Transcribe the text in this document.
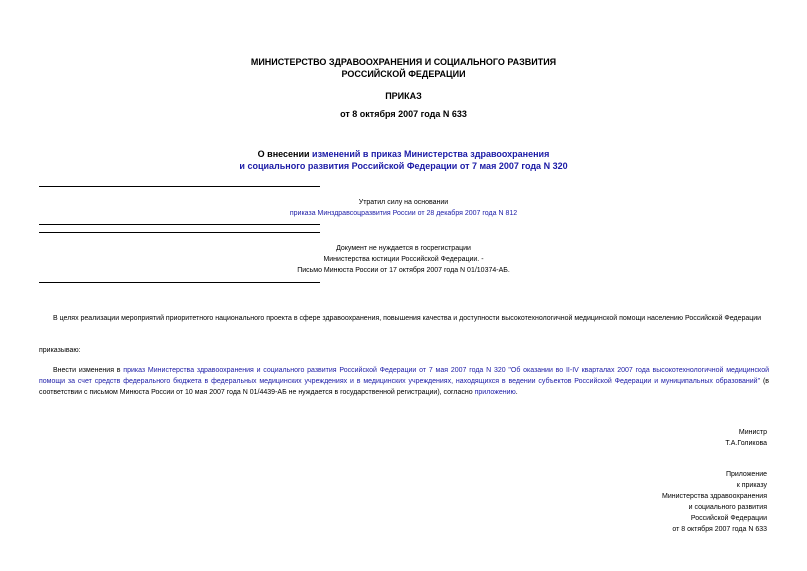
МИНИСТЕРСТВО ЗДРАВООХРАНЕНИЯ И СОЦИАЛЬНОГО РАЗВИТИЯ
РОССИЙСКОЙ ФЕДЕРАЦИИ
ПРИКАЗ
от 8 октября 2007 года N 633
О внесении изменений в приказ Министерства здравоохранения
и социального развития Российской Федерации от 7 мая 2007 года N 320
Утратил силу на основании
приказа Минздравсоцразвития России от 28 декабря 2007 года N 812
Документ не нуждается в госрегистрации
Министерства юстиции Российской Федерации. -
Письмо Минюста России от 17 октября 2007 года N 01/10374-АБ.
В целях реализации мероприятий приоритетного национального проекта в сфере здравоохранения, повышения качества и доступности высокотехнологичной медицинской помощи населению Российской Федерации
приказываю:
Внести изменения в приказ Министерства здравоохранения и социального развития Российской Федерации от 7 мая 2007 года N 320 "Об оказании во II-IV кварталах 2007 года высокотехнологичной медицинской помощи за счет средств федерального бюджета в федеральных медицинских учреждениях и в медицинских учреждениях, находящихся в ведении субъектов Российской Федерации и муниципальных образований" (в соответствии с письмом Минюста России от 10 мая 2007 года N 01/4439-АБ не нуждается в государственной регистрации), согласно приложению.
Министр
Т.А.Голикова
Приложение
к приказу
Министерства здравоохранения
и социального развития
Российской Федерации
от 8 октября 2007 года N 633
